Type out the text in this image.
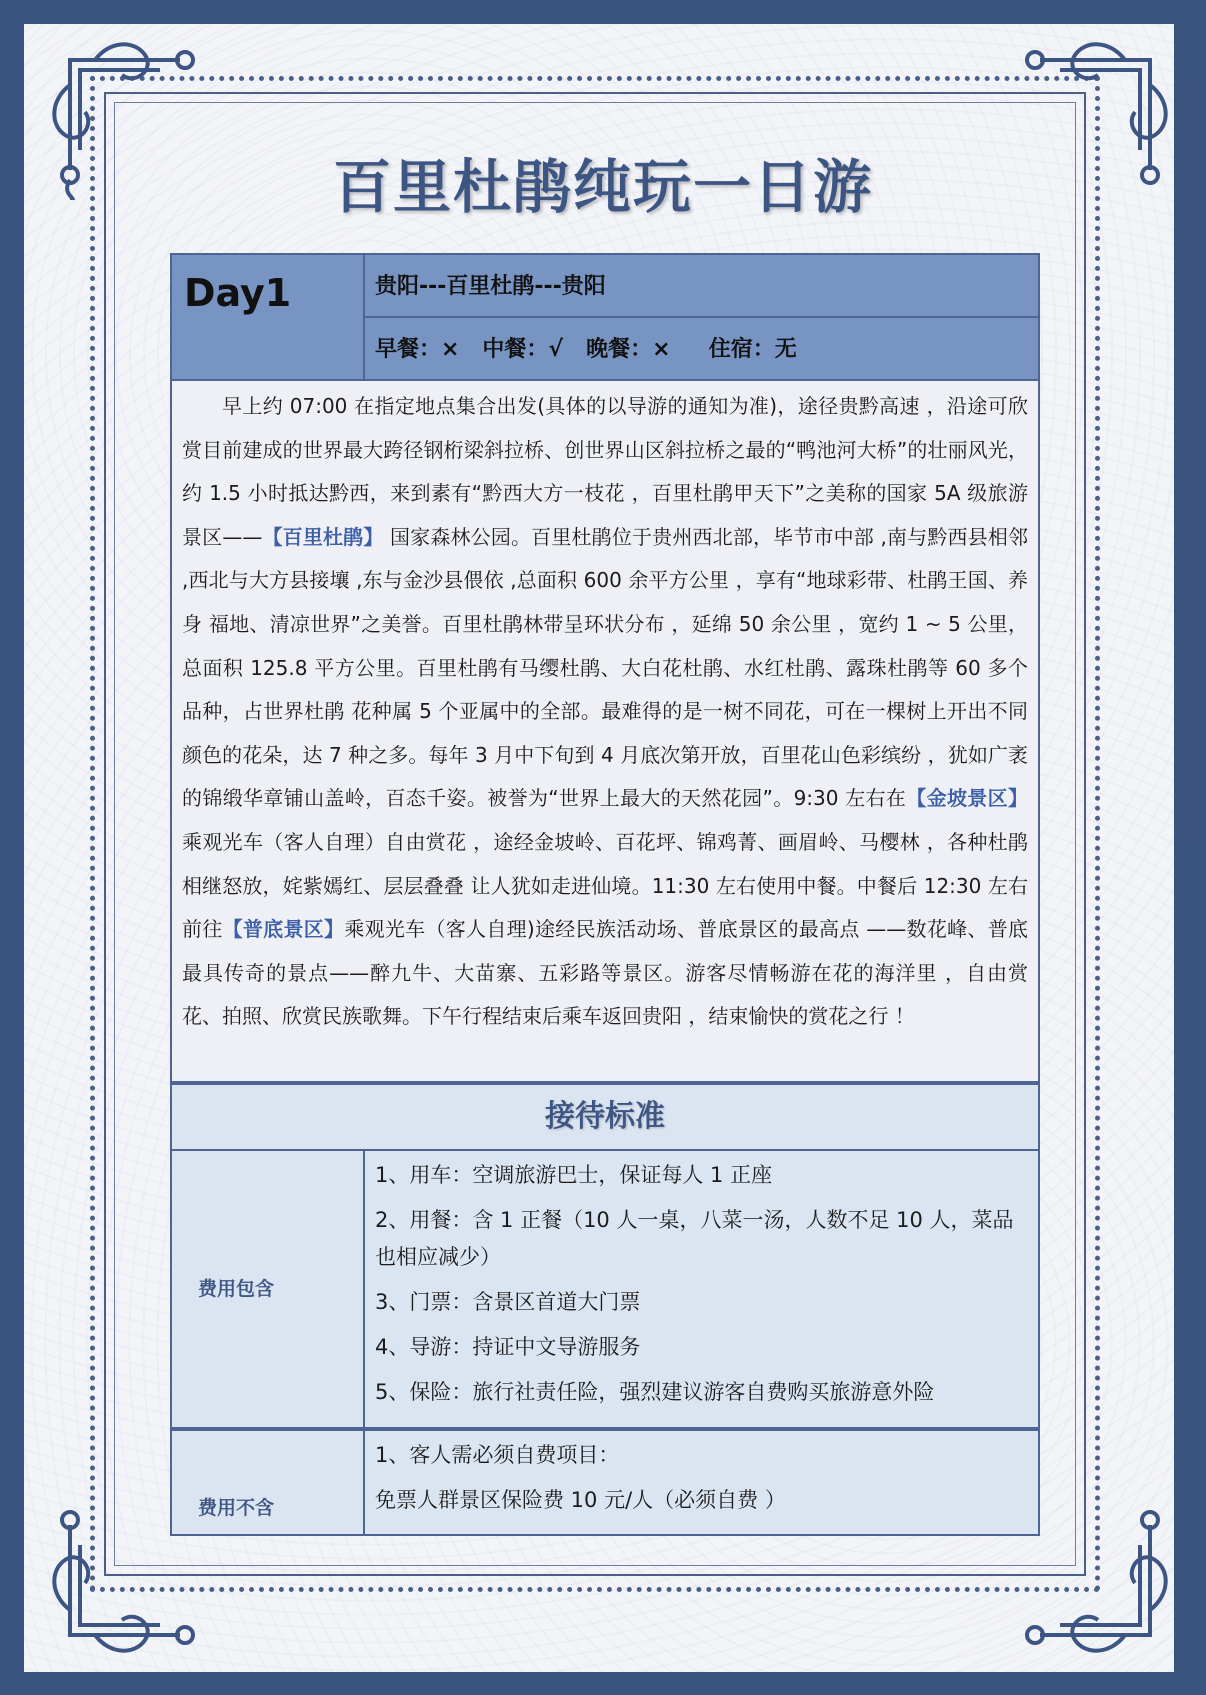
百里杜鹃纯玩一日游
Day1	贵阳---百里杜鹃---贵阳
早餐：×   中餐：√   晚餐：×     住宿：无
早上约 07:00 在指定地点集合出发(具体的以导游的通知为准)，途径贵黔高速 ，沿途可欣赏目前建成的世界最大跨径钢桁梁斜拉桥、创世界山区斜拉桥之最的“鸭池河大桥”的壮丽风光，约 1.5 小时抵达黔西，来到素有“黔西大方一枝花 ，百里杜鹃甲天下”之美称的国家 5A 级旅游景区——【百里杜鹃】 国家森林公园。百里杜鹃位于贵州西北部，毕节市中部 ,南与黔西县相邻 ,西北与大方县接壤 ,东与金沙县偎依 ,总面积 600 余平方公里 ，享有“地球彩带、杜鹃王国、养身 福地、清凉世界”之美誉。百里杜鹃林带呈环状分布 ，延绵 50 余公里 ，宽约 1 ~ 5 公里，总面积 125.8 平方公里。百里杜鹃有马缨杜鹃、大白花杜鹃、水红杜鹃、露珠杜鹃等 60 多个品种，占世界杜鹃 花种属 5 个亚属中的全部。最难得的是一树不同花，可在一棵树上开出不同颜色的花朵，达 7 种之多。每年 3 月中下旬到 4 月底次第开放，百里花山色彩缤纷 ，犹如广袤的锦缎华章铺山盖岭，百态千姿。被誉为“世界上最大的天然花园”。9:30 左右在【金坡景区】乘观光车（客人自理）自由赏花 ，途经金坡岭、百花坪、锦鸡菁、画眉岭、马樱林 ，各种杜鹃相继怒放，姹紫嫣红、层层叠叠 让人犹如走进仙境。11:30 左右使用中餐。中餐后 12:30 左右前往【普底景区】乘观光车（客人自理)途经民族活动场、普底景区的最高点 ——数花峰、普底最具传奇的景点——醉九牛、大苗寨、五彩路等景区。游客尽情畅游在花的海洋里 ，自由赏花、拍照、欣赏民族歌舞。下午行程结束后乘车返回贵阳 ，结束愉快的赏花之行 ！
接待标准
费用包含
1、用车：空调旅游巴士，保证每人 1 正座
2、用餐：含 1 正餐（10 人一桌，八菜一汤，人数不足 10 人，菜品也相应减少）
3、门票：含景区首道大门票
4、导游：持证中文导游服务
5、保险：旅行社责任险，强烈建议游客自费购买旅游意外险
费用不含
1、客人需必须自费项目：
免票人群景区保险费 10 元/人（必须自费 ）
